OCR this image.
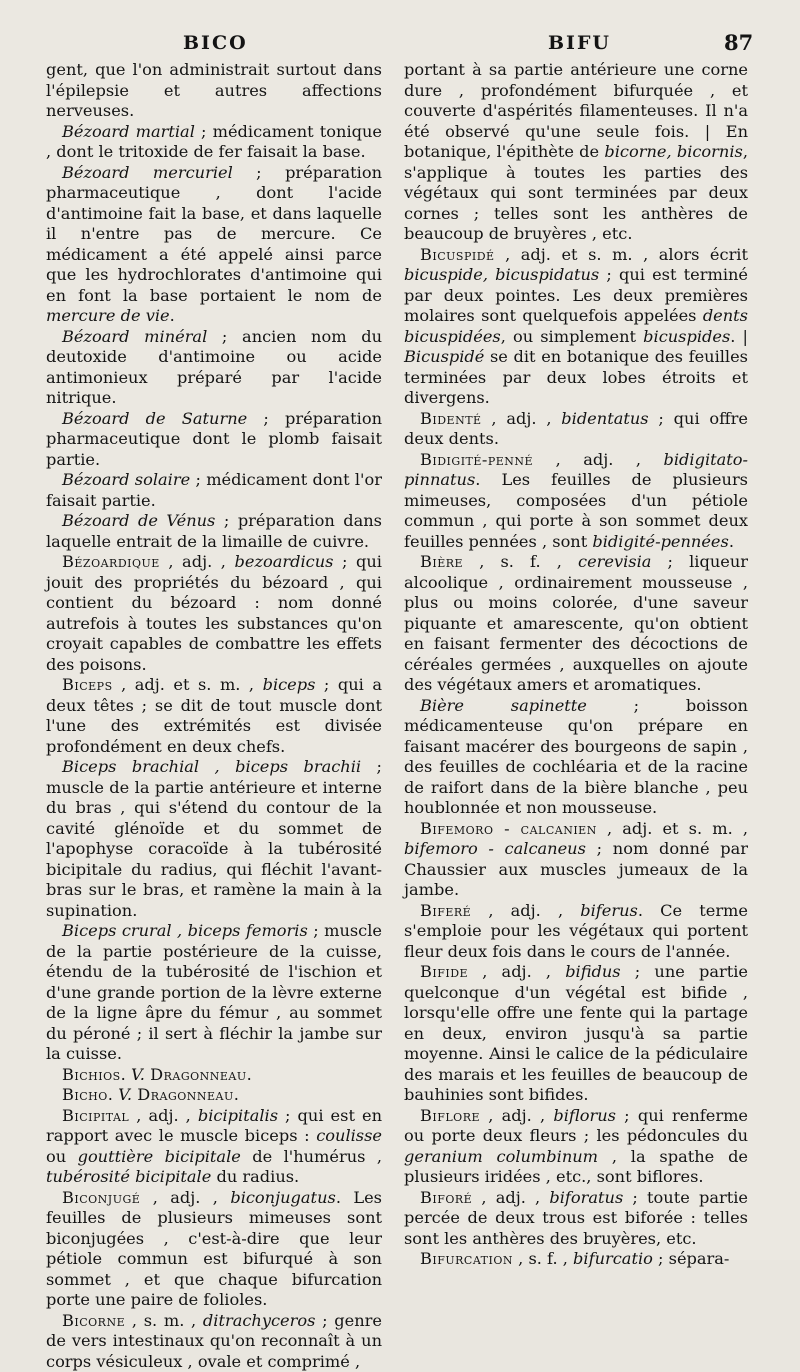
BICO	BIFU	87

gent, que l'on administrait surtout dans l'épilepsie et autres affections nerveuses.

Bézoard martial ; médicament tonique , dont le tritoxide de fer faisait la base.

Bézoard mercuriel ; préparation pharmaceutique , dont l'acide d'antimoine fait la base, et dans laquelle il n'entre pas de mercure. Ce médicament a été appelé ainsi parce que les hydrochlorates d'antimoine qui en font la base portaient le nom de mercure de vie.

Bézoard minéral ; ancien nom du deutoxide d'antimoine ou acide antimonieux préparé par l'acide nitrique.

Bézoard de Saturne ; préparation pharmaceutique dont le plomb faisait partie.

Bézoard solaire ; médicament dont l'or faisait partie.

Bézoard de Vénus ; préparation dans laquelle entrait de la limaille de cuivre.

Bézoardique , adj. , bezoardicus ; qui jouit des propriétés du bézoard , qui contient du bézoard : nom donné autrefois à toutes les substances qu'on croyait capables de combattre les effets des poisons.

Biceps , adj. et s. m. , biceps ; qui a deux têtes ; se dit de tout muscle dont l'une des extrémités est divisée profondément en deux chefs.

Biceps brachial , biceps brachii ; muscle de la partie antérieure et interne du bras , qui s'étend du contour de la cavité glénoïde et du sommet de l'apophyse coracoïde à la tubérosité bicipitale du radius, qui fléchit l'avant-bras sur le bras, et ramène la main à la supination.

Biceps crural , biceps femoris ; muscle de la partie postérieure de la cuisse, étendu de la tubérosité de l'ischion et d'une grande portion de la lèvre externe de la ligne âpre du fémur , au sommet du péroné ; il sert à fléchir la jambe sur la cuisse.

Bichios. V. Dragonneau.

Bicho. V. Dragonneau.

Bicipital , adj. , bicipitalis ; qui est en rapport avec le muscle biceps : coulisse ou gouttière bicipitale de l'humérus , tubérosité bicipitale du radius.

Biconjugé , adj. , biconjugatus. Les feuilles de plusieurs mimeuses sont biconjugées , c'est-à-dire que leur pétiole commun est bifurqué à son sommet , et que chaque bifurcation porte une paire de folioles.

Bicorne , s. m. , ditrachyceros ; genre de vers intestinaux qu'on reconnaît à un corps vésiculeux , ovale et comprimé ,

portant à sa partie antérieure une corne dure , profondément bifurquée , et couverte d'aspérités filamenteuses. Il n'a été observé qu'une seule fois. | En botanique, l'épithète de bicorne, bicornis, s'applique à toutes les parties des végétaux qui sont terminées par deux cornes ; telles sont les anthères de beaucoup de bruyères , etc.

Bicuspidé , adj. et s. m. , alors écrit bicuspide, bicuspidatus ; qui est terminé par deux pointes. Les deux premières molaires sont quelquefois appelées dents bicuspidées, ou simplement bicuspides. | Bicuspidé se dit en botanique des feuilles terminées par deux lobes étroits et divergens.

Bidenté , adj. , bidentatus ; qui offre deux dents.

Bidigité-penné , adj. , bidigitato-pinnatus. Les feuilles de plusieurs mimeuses, composées d'un pétiole commun , qui porte à son sommet deux feuilles pennées , sont bidigité-pennées.

Bière , s. f. , cerevisia ; liqueur alcoolique , ordinairement mousseuse , plus ou moins colorée, d'une saveur piquante et amarescente, qu'on obtient en faisant fermenter des décoctions de céréales germées , auxquelles on ajoute des végétaux amers et aromatiques.

Bière sapinette ; boisson médicamenteuse qu'on prépare en faisant macérer des bourgeons de sapin , des feuilles de cochléaria et de la racine de raifort dans de la bière blanche , peu houblonnée et non mousseuse.

Bifemoro - calcanien , adj. et s. m. , bifemoro - calcaneus ; nom donné par Chaussier aux muscles jumeaux de la jambe.

Biferé , adj. , biferus. Ce terme s'emploie pour les végétaux qui portent fleur deux fois dans le cours de l'année.

Bifide , adj. , bifidus ; une partie quelconque d'un végétal est bifide , lorsqu'elle offre une fente qui la partage en deux, environ jusqu'à sa partie moyenne. Ainsi le calice de la pédiculaire des marais et les feuilles de beaucoup de bauhinies sont bifides.

Biflore , adj. , biflorus ; qui renferme ou porte deux fleurs ; les pédoncules du geranium columbinum , la spathe de plusieurs iridées , etc., sont biflores.

Biforé , adj. , biforatus ; toute partie percée de deux trous est biforée : telles sont les anthères des bruyères, etc.

Bifurcation , s. f. , bifurcatio ; sépara-
